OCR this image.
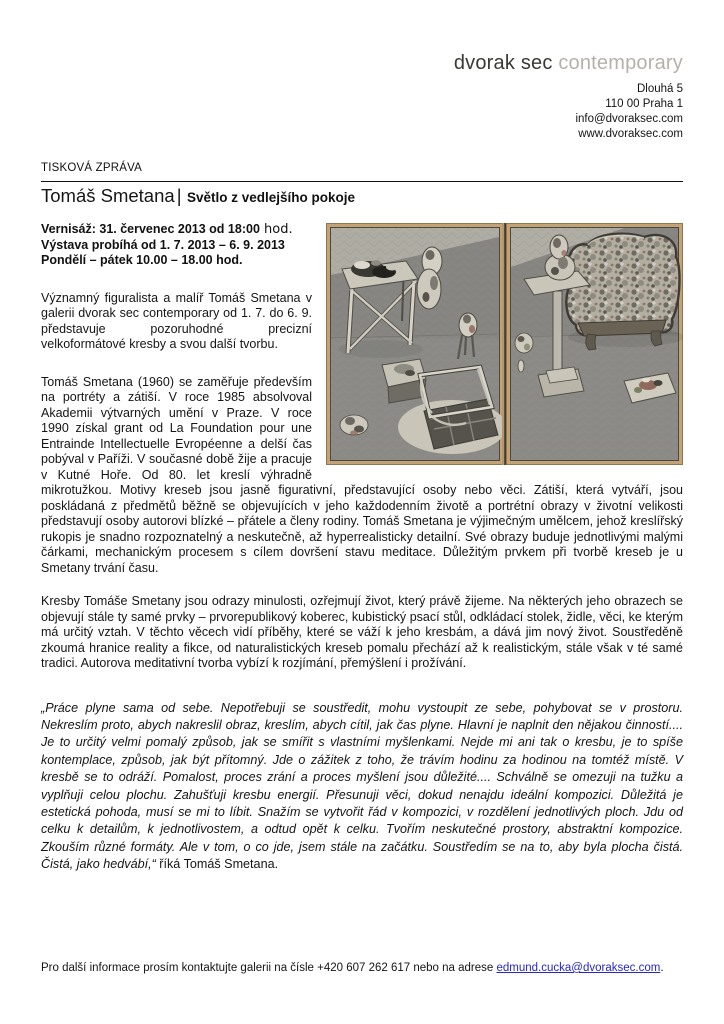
dvorak sec contemporary
Dlouhá 5
110 00 Praha 1
info@dvoraksec.com
www.dvoraksec.com
TISKOVÁ ZPRÁVA
Tomáš Smetana | Světlo z vedlejšího pokoje

Vernisáž: 31. červenec 2013 od 18:00 hod.
Výstava probíhá od 1. 7. 2013 – 6. 9. 2013
Pondělí – pátek 10.00 – 18.00 hod.

Významný figuralista a malíř Tomáš Smetana v galerii dvorak sec contemporary od 1. 7. do 6. 9. představuje pozoruhodné precizní velkoformátové kresby a svou další tvorbu.

Tomáš Smetana (1960) se zaměřuje především na portréty a zátiší. V roce 1985 absolvoval Akademii výtvarných umění v Praze. V roce 1990 získal grant od La Foundation pour une Entrainde Intellectuelle Evropéenne a delší čas pobýval v Paříži. V současné době žije a pracuje v Kutné Hoře. Od 80. let kreslí výhradně mikrotužkou. Motivy kreseb jsou jasně figurativní, představující osoby nebo věci. Zátiší, která vytváří, jsou poskládaná z předmětů běžně se objevujících v jeho každodenním životě a portrétní obrazy v životní velikosti představují osoby autorovi blízké – přátele a členy rodiny. Tomáš Smetana je výjimečným umělcem, jehož kreslířský rukopis je snadno rozpoznatelný a neskutečně, až hyperrealisticky detailní. Své obrazy buduje jednotlivými malými čárkami, mechanickým procesem s cílem dovršení stavu meditace. Důležitým prvkem při tvorbě kreseb je u Smetany trvání času.

Kresby Tomáše Smetany jsou odrazy minulosti, ozřejmují život, který právě žijeme. Na některých jeho obrazech se objevují stále ty samé prvky – prvorepublikový koberec, kubistický psací stůl, odkládací stolek, židle, věci, ke kterým má určitý vztah. V těchto věcech vidí příběhy, které se váží k jeho kresbám, a dává jim nový život. Soustředěně zkoumá hranice reality a fikce, od naturalistických kreseb pomalu přechází až k realistickým, stále však v té samé tradici. Autorova meditativní tvorba vybízí k rozjímání, přemýšlení i prožívání.

„Práce plyne sama od sebe. Nepotřebuji se soustředit, mohu vystoupit ze sebe, pohybovat se v prostoru. Nekreslím proto, abych nakreslil obraz, kreslím, abych cítil, jak čas plyne. Hlavní je naplnit den nějakou činností.... Je to určitý velmi pomalý způsob, jak se smířit s vlastními myšlenkami. Nejde mi ani tak o kresbu, je to spíše kontemplace, způsob, jak být přítomný. Jde o zážitek z toho, že trávím hodinu za hodinou na tomtéž místě. V kresbě se to odráží. Pomalost, proces zrání a proces myšlení jsou důležité.... Schválně se omezuji na tužku a vyplňuji celou plochu. Zahušťuji kresbu energií. Přesunuji věci, dokud nenajdu ideální kompozici. Důležitá je estetická pohoda, musí se mi to líbit. Snažím se vytvořit řád v kompozici, v rozdělení jednotlivých ploch. Jdu od celku k detailům, k jednotlivostem, a odtud opět k celku. Tvořím neskutečné prostory, abstraktní kompozice. Zkouším různé formáty. Ale v tom, o co jde, jsem stále na začátku. Soustředím se na to, aby byla plocha čistá. Čistá, jako hedvábí,“ říká Tomáš Smetana.

Pro další informace prosím kontaktujte galerii na čísle +420 607 262 617 nebo na adrese edmund.cucka@dvoraksec.com.
